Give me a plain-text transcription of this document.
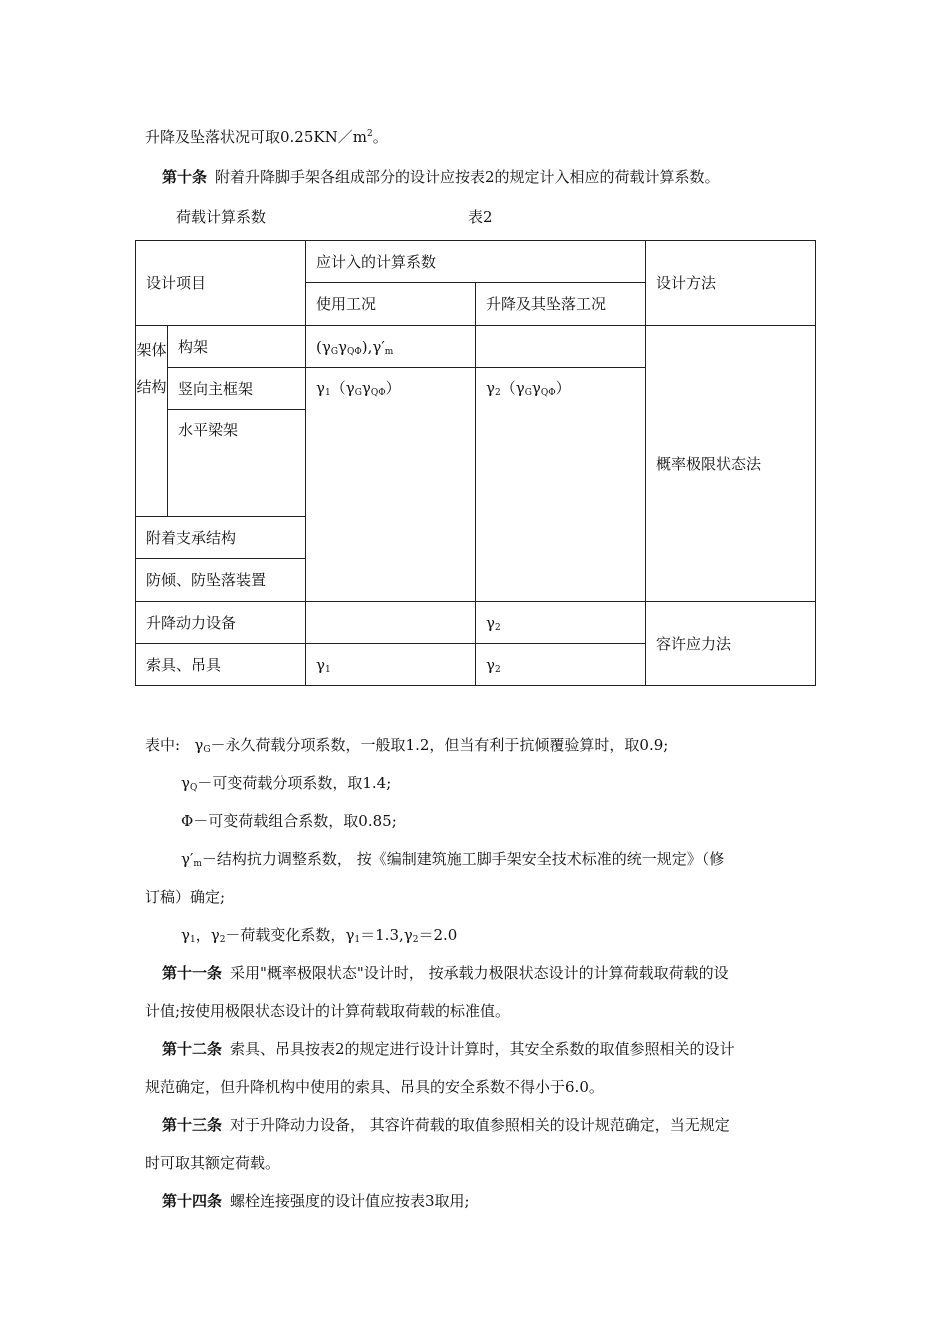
升降及坠落状况可取$0.25KN/m^2$。
第十条 附着升降脚手架各组成部分的设计应按表2的规定计入相应的荷载计算系数。
荷载计算系数	表2
设计项目		应计入的计算系数		设计方法
		使用工况	升降及其坠落工况	
架体结构	构架	$(\gamma_G\gamma_{Q\Phi}),\gamma'_m$		概率极限状态法
	竖向主框架	$\gamma_1(\gamma_G\gamma_{Q\Phi})$	$\gamma_2(\gamma_G\gamma_{Q\Phi})$	
	水平梁架			
附着支承结构				
防倾、防坠落装置				
升降动力设备			$\gamma_2$	容许应力法
索具、吊具		$\gamma_1$	$\gamma_2$
表中: $\gamma_G-$永久荷载分项系数，一般取1.2，但当有利于抗倾覆验算时，取0.9;
$\gamma_Q-$可变荷载分项系数，取1.4;
Φ－可变荷载组合系数，取0.85;
$\gamma'_m-$结构抗力调整系数， 按《编制建筑施工脚手架安全技术标准的统一规定》（修
订稿）确定;
$\gamma_1$，$\gamma_2-$荷载变化系数，$\gamma_1=1.3,\gamma_2=2.0$
第十一条 采用"概率极限状态"设计时， 按承载力极限状态设计的计算荷载取荷载的设
计值;按使用极限状态设计的计算荷载取荷载的标准值。
第十二条 索具、吊具按表2的规定进行设计计算时，其安全系数的取值参照相关的设计
规范确定，但升降机构中使用的索具、吊具的安全系数不得小于6.0。
第十三条 对于升降动力设备， 其容许荷载的取值参照相关的设计规范确定，当无规定
时可取其额定荷载。
第十四条 螺栓连接强度的设计值应按表3取用;
